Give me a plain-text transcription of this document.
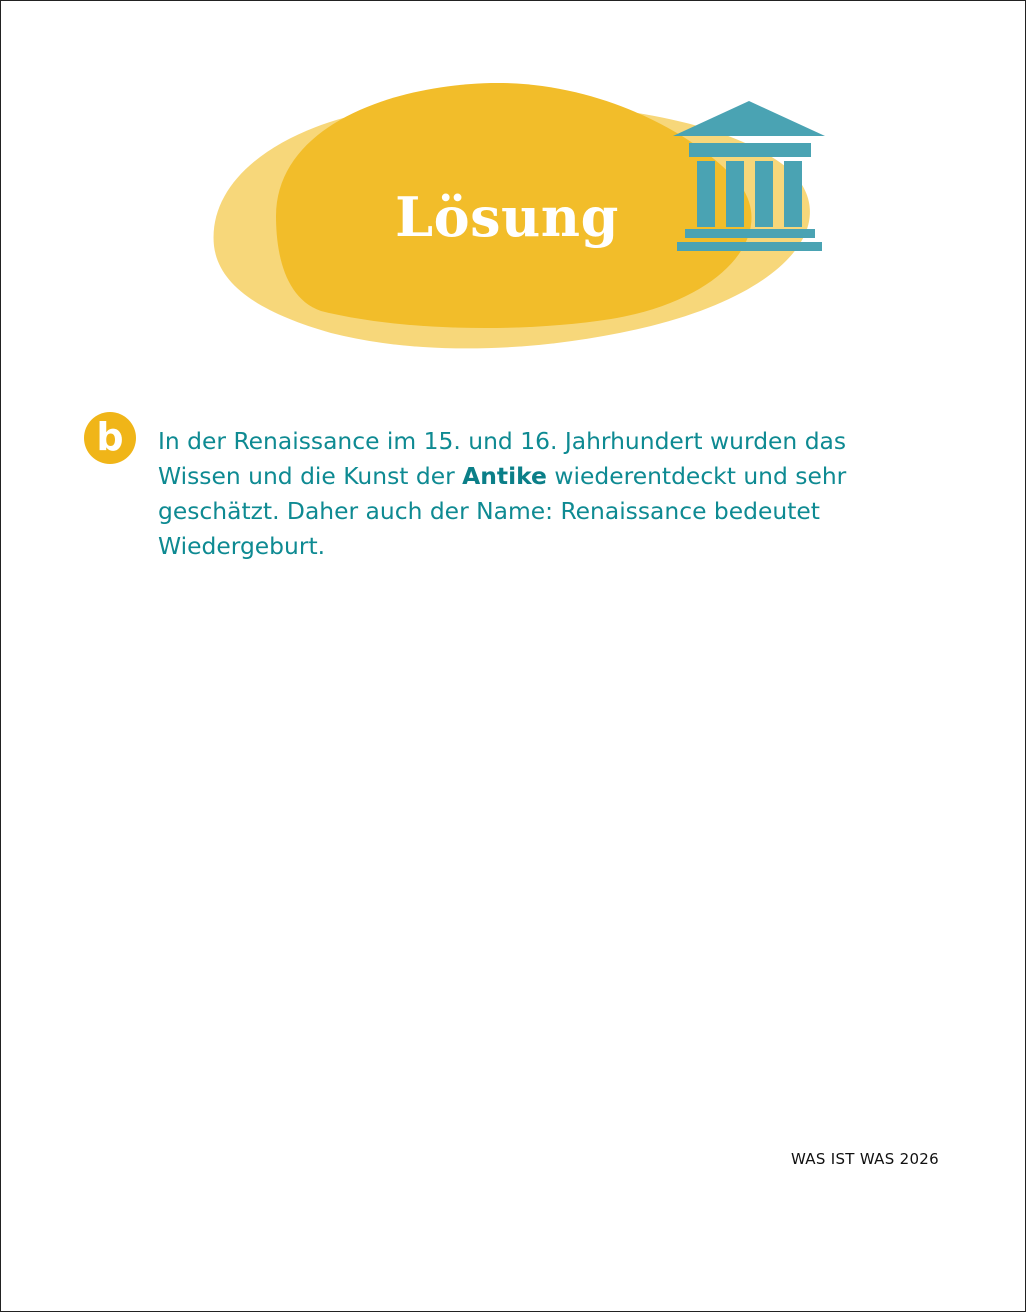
Lösung
b	In der Renaissance im 15. und 16. Jahrhundert wurden das Wissen und die Kunst der Antike wiederentdeckt und sehr geschätzt. Daher auch der Name: Renaissance bedeutet Wiedergeburt.

WAS IST WAS 2026
